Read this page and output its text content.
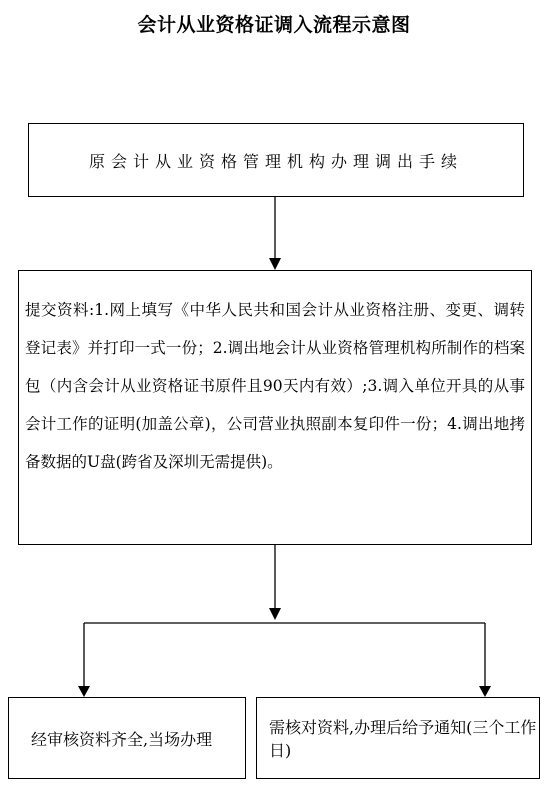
会计从业资格证调入流程示意图
原会计从业资格管理机构办理调出手续
提交资料:1.网上填写《中华人民共和国会计从业资格注册、变更、调转登记表》并打印一式一份；2.调出地会计从业资格管理机构所制作的档案包（内含会计从业资格证书原件且90天内有效）;3.调入单位开具的从事会计工作的证明(加盖公章)，公司营业执照副本复印件一份；4.调出地拷备数据的U盘(跨省及深圳无需提供)。
经审核资料齐全,当场办理
需核对资料,办理后给予通知(三个工作日)
